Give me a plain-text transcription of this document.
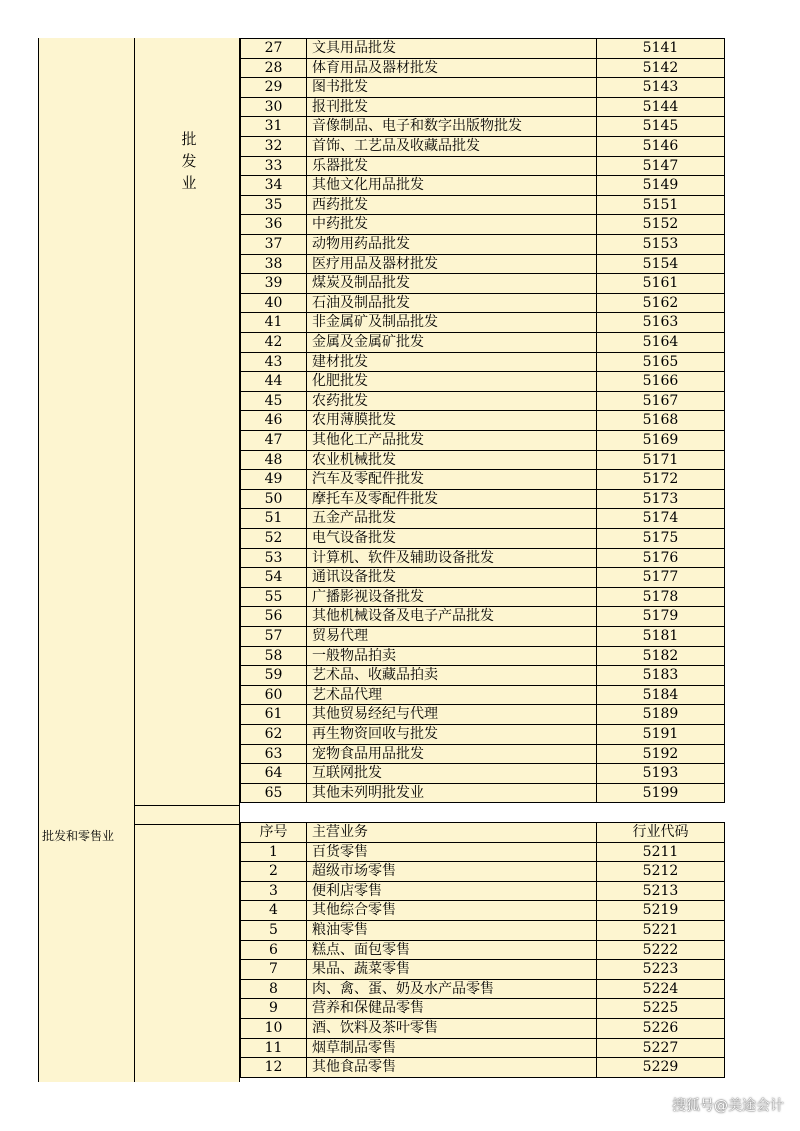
批发和零售业
批发业
27	文具用品批发	5141
28	体育用品及器材批发	5142
29	图书批发	5143
30	报刊批发	5144
31	音像制品、电子和数字出版物批发	5145
32	首饰、工艺品及收藏品批发	5146
33	乐器批发	5147
34	其他文化用品批发	5149
35	西药批发	5151
36	中药批发	5152
37	动物用药品批发	5153
38	医疗用品及器材批发	5154
39	煤炭及制品批发	5161
40	石油及制品批发	5162
41	非金属矿及制品批发	5163
42	金属及金属矿批发	5164
43	建材批发	5165
44	化肥批发	5166
45	农药批发	5167
46	农用薄膜批发	5168
47	其他化工产品批发	5169
48	农业机械批发	5171
49	汽车及零配件批发	5172
50	摩托车及零配件批发	5173
51	五金产品批发	5174
52	电气设备批发	5175
53	计算机、软件及辅助设备批发	5176
54	通讯设备批发	5177
55	广播影视设备批发	5178
56	其他机械设备及电子产品批发	5179
57	贸易代理	5181
58	一般物品拍卖	5182
59	艺术品、收藏品拍卖	5183
60	艺术品代理	5184
61	其他贸易经纪与代理	5189
62	再生物资回收与批发	5191
63	宠物食品用品批发	5192
64	互联网批发	5193
65	其他未列明批发业	5199
序号	主营业务	行业代码
1	百货零售	5211
2	超级市场零售	5212
3	便利店零售	5213
4	其他综合零售	5219
5	粮油零售	5221
6	糕点、面包零售	5222
7	果品、蔬菜零售	5223
8	肉、禽、蛋、奶及水产品零售	5224
9	营养和保健品零售	5225
10	酒、饮料及茶叶零售	5226
11	烟草制品零售	5227
12	其他食品零售	5229
搜狐号@美途会计
